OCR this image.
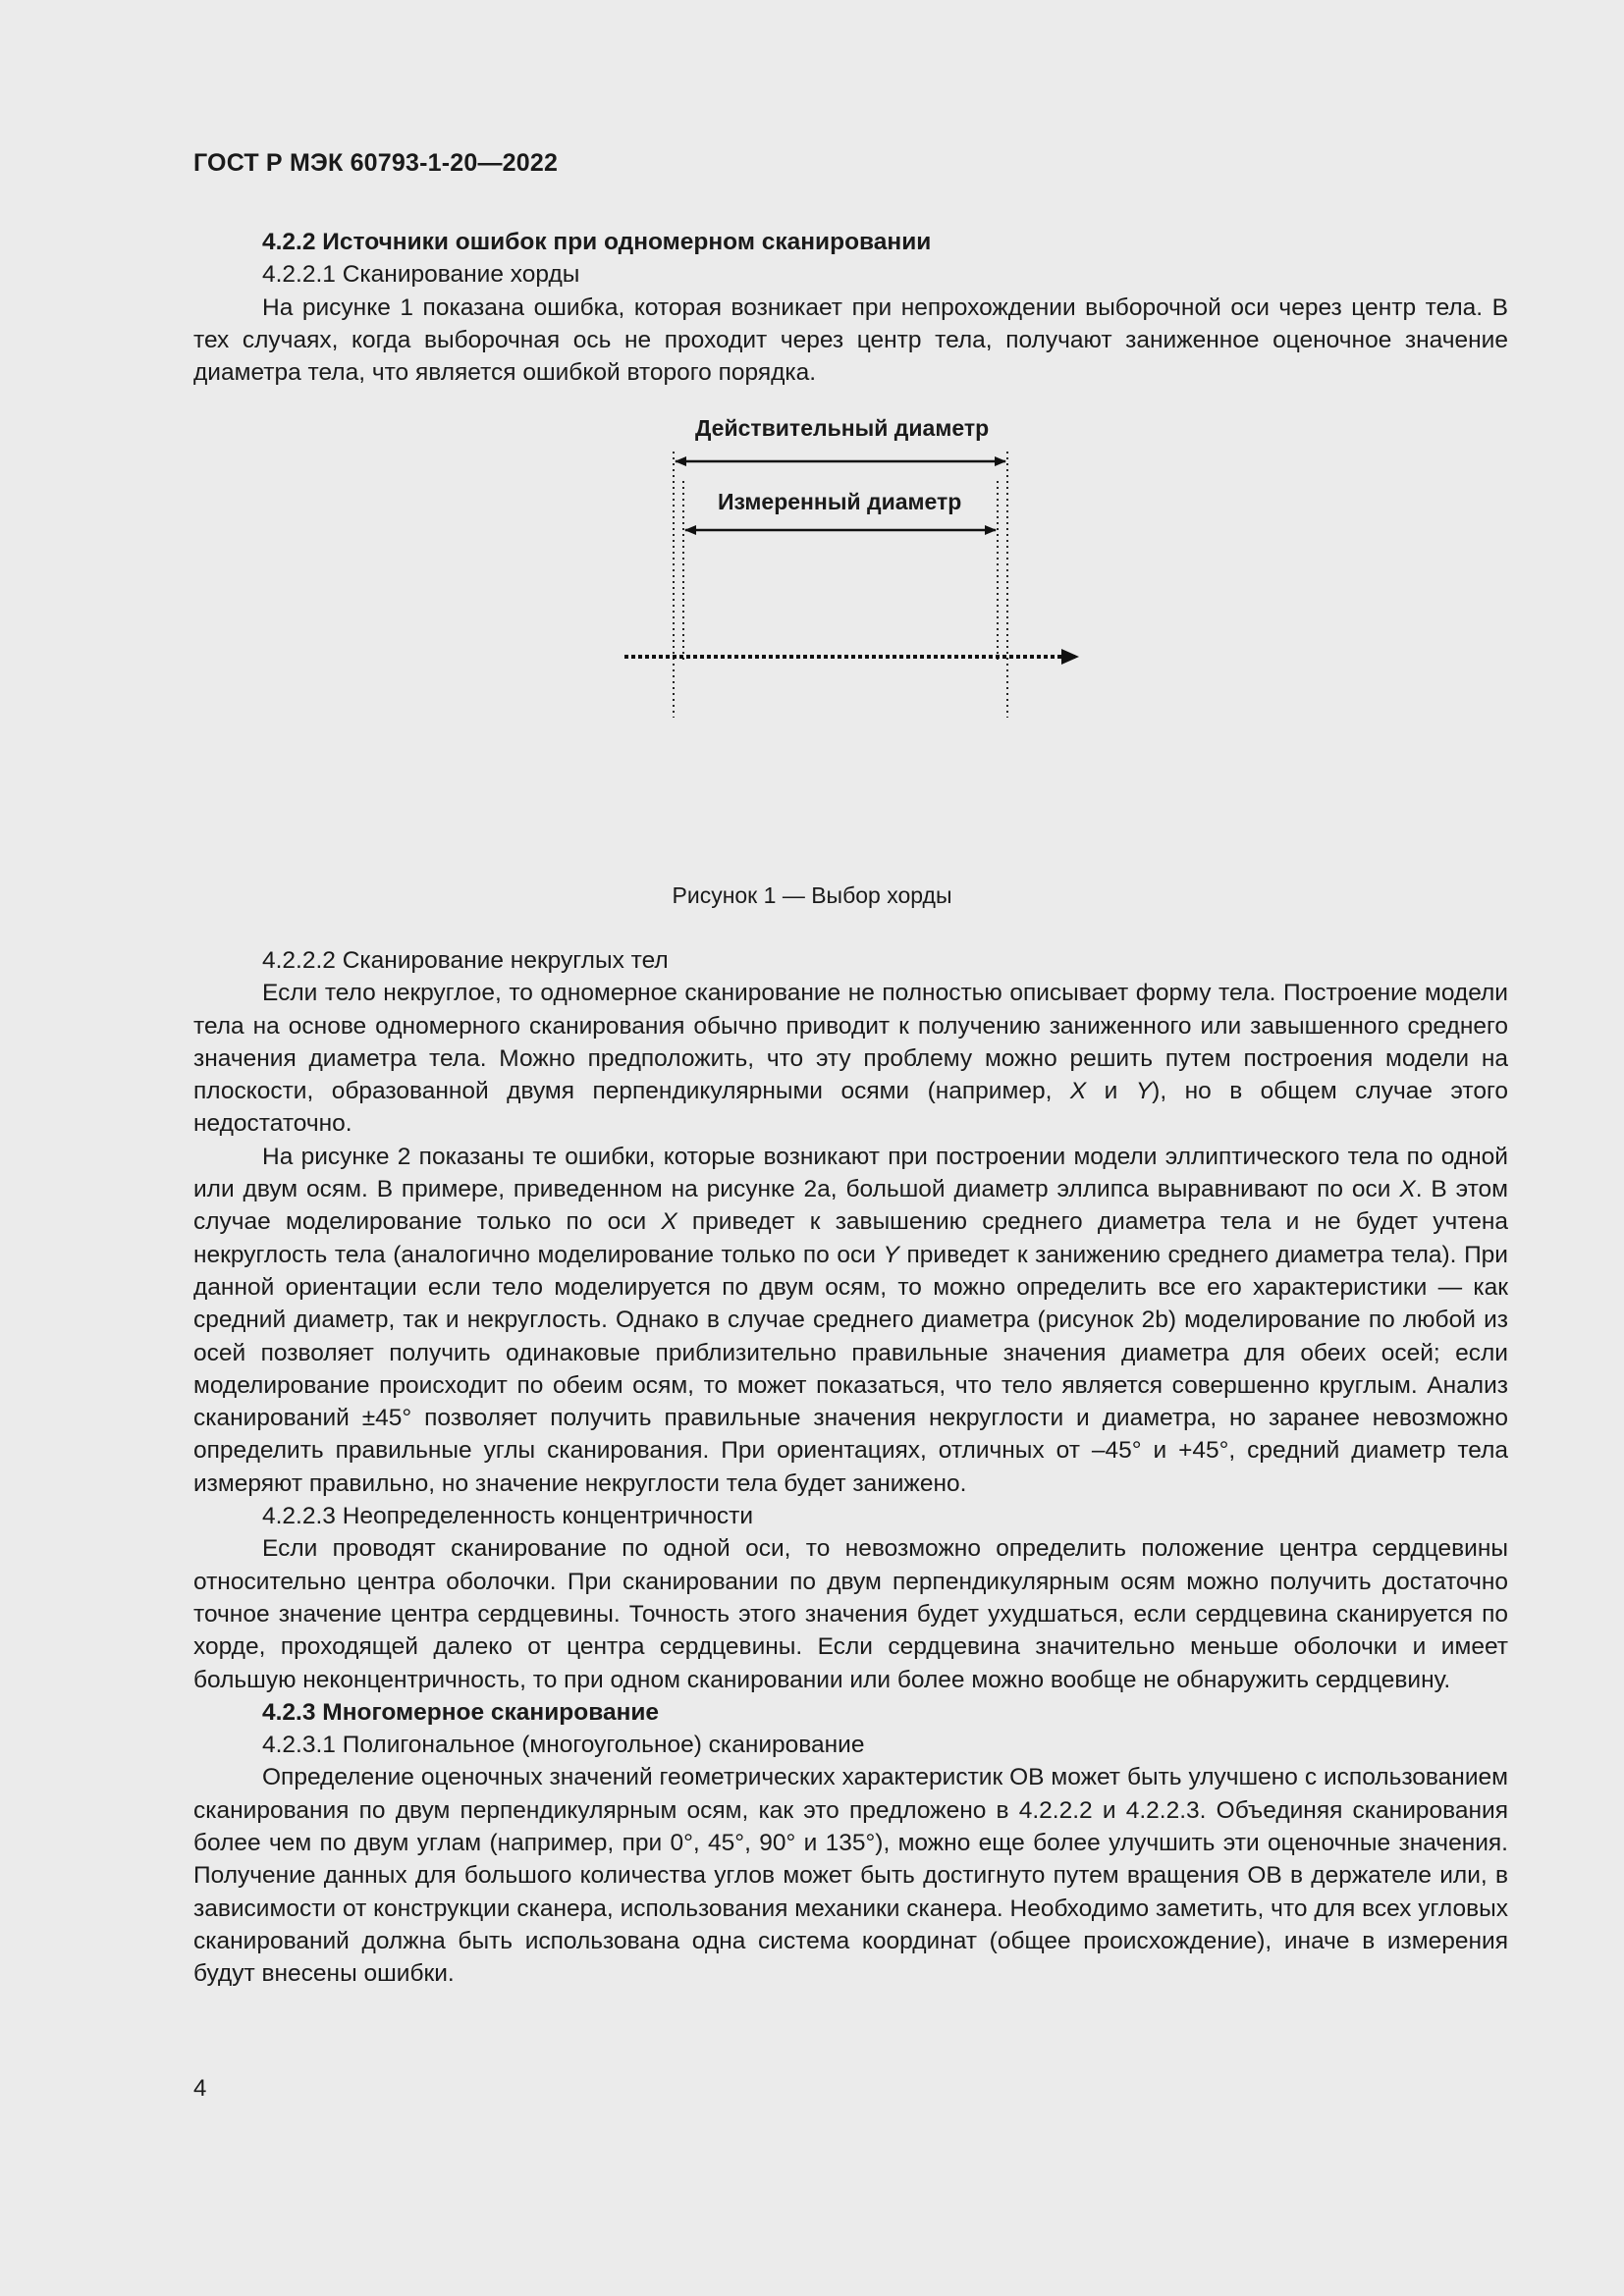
ГОСТ Р МЭК 60793-1-20—2022

4.2.2 Источники ошибок при одномерном сканировании

4.2.2.1 Сканирование хорды

На рисунке 1 показана ошибка, которая возникает при непрохождении выборочной оси через центр тела. В тех случаях, когда выборочная ось не проходит через центр тела, получают заниженное оценочное значение диаметра тела, что является ошибкой второго порядка.

Действительный диаметр
Измеренный диаметр
Рисунок 1 — Выбор хорды

4.2.2.2 Сканирование некруглых тел

Если тело некруглое, то одномерное сканирование не полностью описывает форму тела. Построение модели тела на основе одномерного сканирования обычно приводит к получению заниженного или завышенного среднего значения диаметра тела. Можно предположить, что эту проблему можно решить путем построения модели на плоскости, образованной двумя перпендикулярными осями (например, X и Y), но в общем случае этого недостаточно.

На рисунке 2 показаны те ошибки, которые возникают при построении модели эллиптического тела по одной или двум осям. В примере, приведенном на рисунке 2а, большой диаметр эллипса выравнивают по оси X. В этом случае моделирование только по оси X приведет к завышению среднего диаметра тела и не будет учтена некруглость тела (аналогично моделирование только по оси Y приведет к занижению среднего диаметра тела). При данной ориентации если тело моделируется по двум осям, то можно определить все его характеристики — как средний диаметр, так и некруглость. Однако в случае среднего диаметра (рисунок 2b) моделирование по любой из осей позволяет получить одинаковые приблизительно правильные значения диаметра для обеих осей; если моделирование происходит по обеим осям, то может показаться, что тело является совершенно круглым. Анализ сканирований ±45° позволяет получить правильные значения некруглости и диаметра, но заранее невозможно определить правильные углы сканирования. При ориентациях, отличных от –45° и +45°, средний диаметр тела измеряют правильно, но значение некруглости тела будет занижено.

4.2.2.3 Неопределенность концентричности

Если проводят сканирование по одной оси, то невозможно определить положение центра сердцевины относительно центра оболочки. При сканировании по двум перпендикулярным осям можно получить достаточно точное значение центра сердцевины. Точность этого значения будет ухудшаться, если сердцевина сканируется по хорде, проходящей далеко от центра сердцевины. Если сердцевина значительно меньше оболочки и имеет большую неконцентричность, то при одном сканировании или более можно вообще не обнаружить сердцевину.

4.2.3 Многомерное сканирование

4.2.3.1 Полигональное (многоугольное) сканирование

Определение оценочных значений геометрических характеристик ОВ может быть улучшено с использованием сканирования по двум перпендикулярным осям, как это предложено в 4.2.2.2 и 4.2.2.3. Объединяя сканирования более чем по двум углам (например, при 0°, 45°, 90° и 135°), можно еще более улучшить эти оценочные значения. Получение данных для большого количества углов может быть достигнуто путем вращения ОВ в держателе или, в зависимости от конструкции сканера, использования механики сканера. Необходимо заметить, что для всех угловых сканирований должна быть использована одна система координат (общее происхождение), иначе в измерения будут внесены ошибки.

4
